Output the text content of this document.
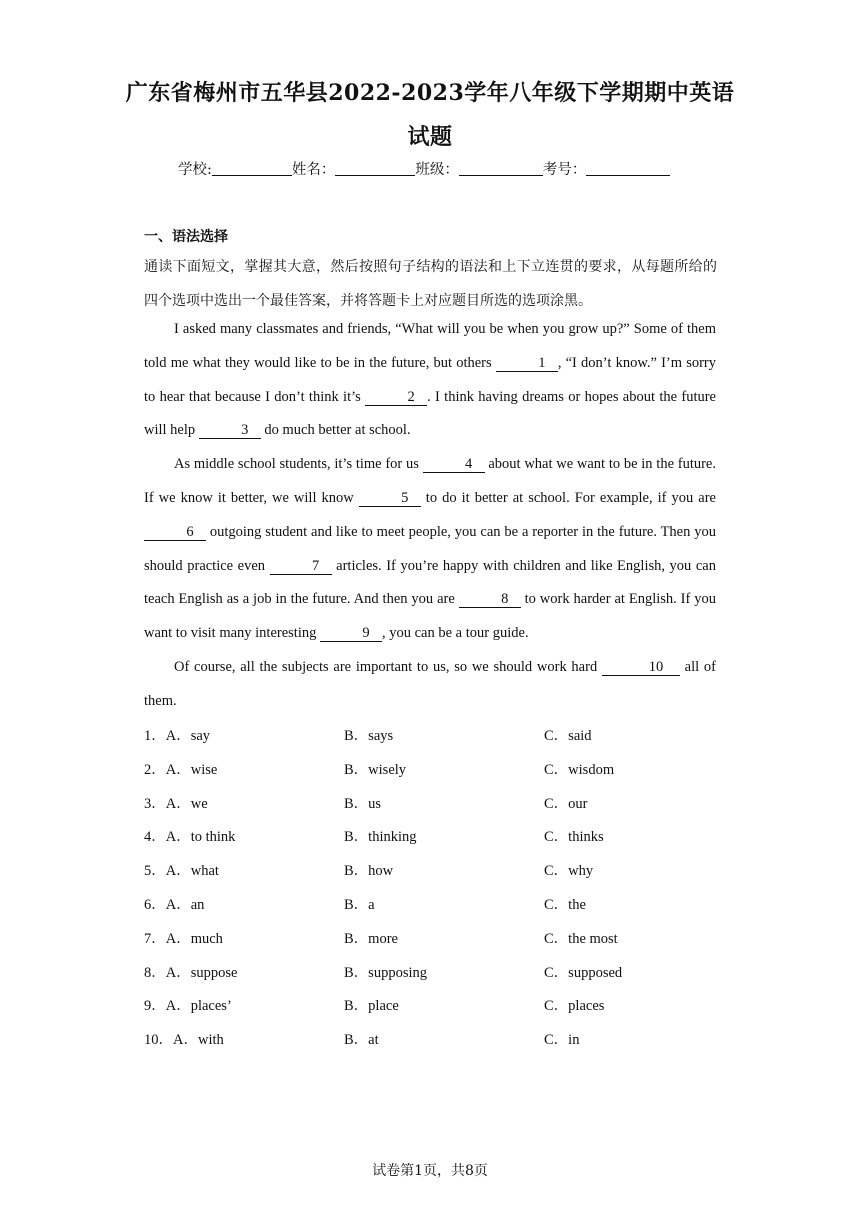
广东省梅州市五华县2022-2023学年八年级下学期期中英语
试题
学校:	姓名：	班级：	考号：
一、语法选择
通读下面短文，掌握其大意，然后按照句子结构的语法和上下立连贯的要求，从每题所给的四个选项中选出一个最佳答案，并将答题卡上对应题目所选的选项涂黑。

I asked many classmates and friends, “What will you be when you grow up?” Some of them told me what they would like to be in the future, but others	1 , “I don’t know.” I’m sorry to hear that because I don’t think it’s	2 . I think having dreams or hopes about the future will help	3 do much better at school.

As middle school students, it’s time for us	4 about what we want to be in the future. If we know it better, we will know	5 to do it better at school. For example, if you are 6 outgoing student and like to meet people, you can be a reporter in the future. Then you should practice even	7 articles. If you’re happy with children and like English, you can teach English as a job in the future. And then you are	8 to work harder at English. If you want to visit many interesting	9 , you can be a tour guide.

Of course, all the subjects are important to us, so we should work hard	10 all of them.

1．A．say	B．says	C．said
2．A．wise	B．wisely	C．wisdom
3．A．we	B．us	C．our
4．A．to think	B．thinking	C．thinks
5．A．what	B．how	C．why
6．A．an	B．a	C．the
7．A．much	B．more	C．the most
8．A．suppose	B．supposing	C．supposed
9．A．places’	B．place	C．places
10．A．with	B．at	C．in
试卷第1页，共8页
